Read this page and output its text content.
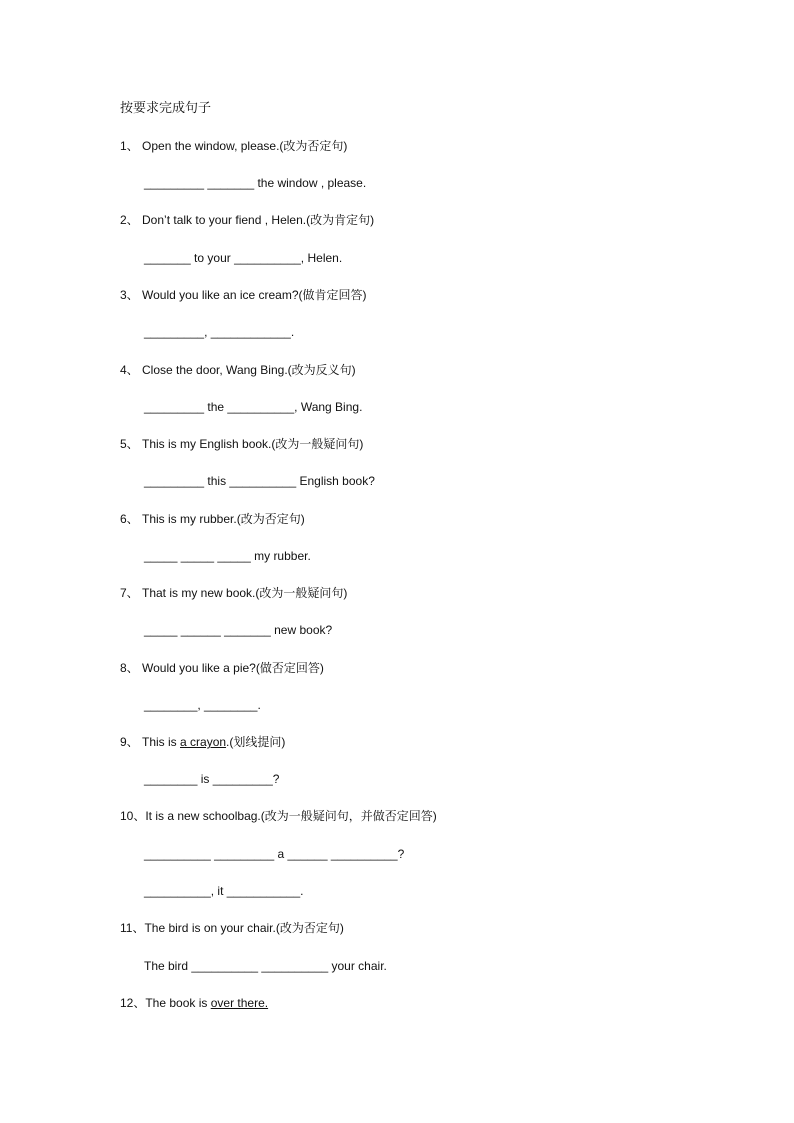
按要求完成句子
1、 Open the window, please.(改为否定句)
_________ _______ the window , please.
2、 Don’t talk to your fiend , Helen.(改为肯定句)
_______ to your __________, Helen.
3、 Would you like an ice cream?(做肯定回答)
_________, ____________.
4、 Close the door, Wang Bing.(改为反义句)
_________ the __________, Wang Bing.
5、 This is my English book.(改为一般疑问句)
_________ this __________ English book?
6、 This is my rubber.(改为否定句)
_____ _____ _____ my rubber.
7、 That is my new book.(改为一般疑问句)
_____ ______ _______ new book?
8、 Would you like a pie?(做否定回答)
________, ________.
9、 This is a crayon.(划线提问)
________ is _________?
10、It is a new schoolbag.(改为一般疑问句，并做否定回答)
__________ _________ a ______ __________?
__________, it ___________.
11、The bird is on your chair.(改为否定句)
The bird __________ __________ your chair.
12、The book is over there.
